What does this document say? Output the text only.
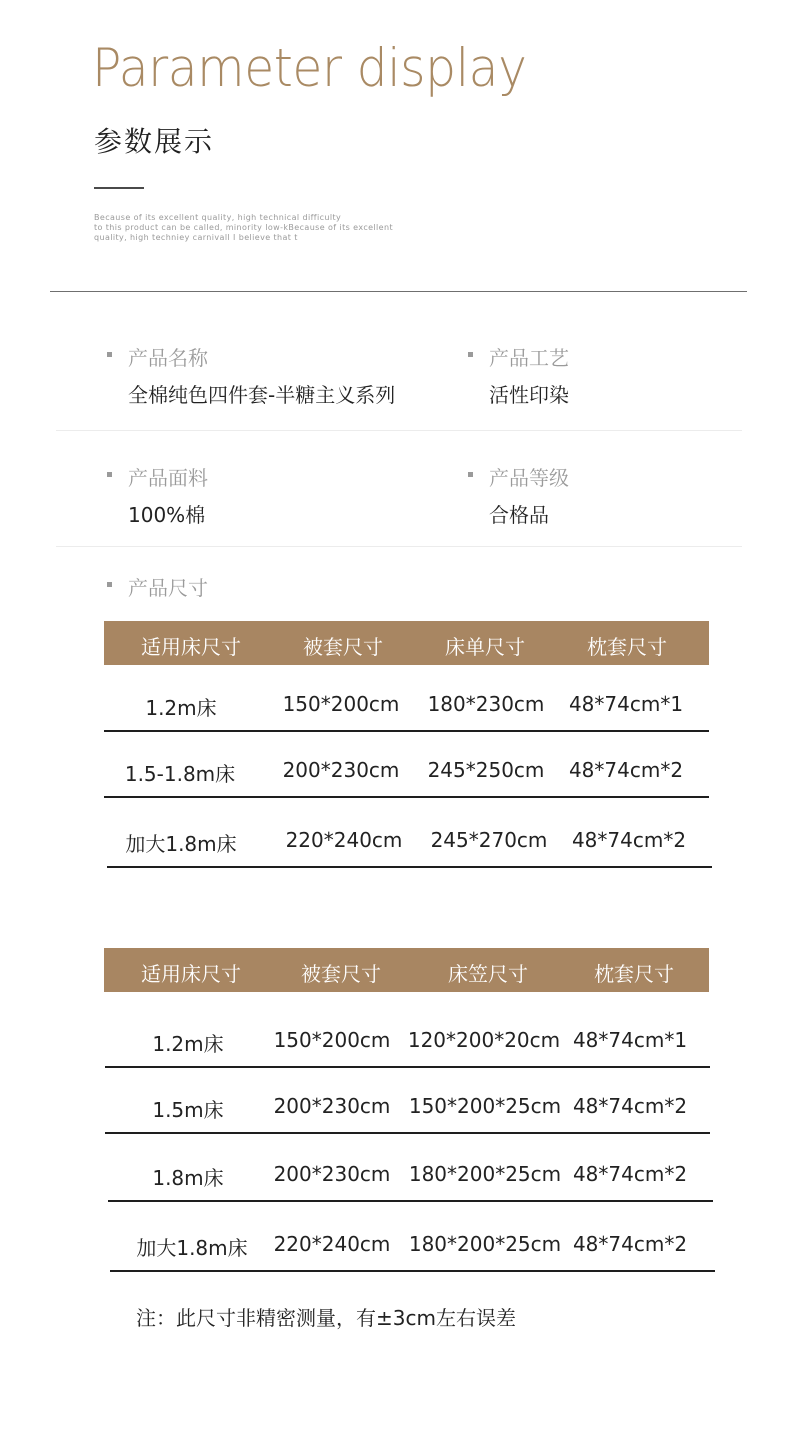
Parameter display
参数展示
Because of its excellent quality, high technical difficulty
to this product can be called, minority low-kBecause of its excellent
quality, high techniey carnivall I believe that t
产品名称
全棉纯色四件套-半糖主义系列
产品工艺
活性印染
产品面料
100%棉
产品等级
合格品
产品尺寸
适用床尺寸	被套尺寸	床单尺寸	枕套尺寸
1.2m床	150*200cm 180*230cm 48*74cm*1
1.5-1.8m床 200*230cm 245*250cm 48*74cm*2
加大1.8m床 220*240cm 245*270cm 48*74cm*2
适用床尺寸	被套尺寸	床笠尺寸	枕套尺寸
1.2m床 150*200cm 120*200*20cm 48*74cm*1
1.5m床 200*230cm 150*200*25cm 48*74cm*2
1.8m床 200*230cm 180*200*25cm 48*74cm*2
加大1.8m床 220*240cm 180*200*25cm 48*74cm*2
注：此尺寸非精密测量，有±3cm左右误差
